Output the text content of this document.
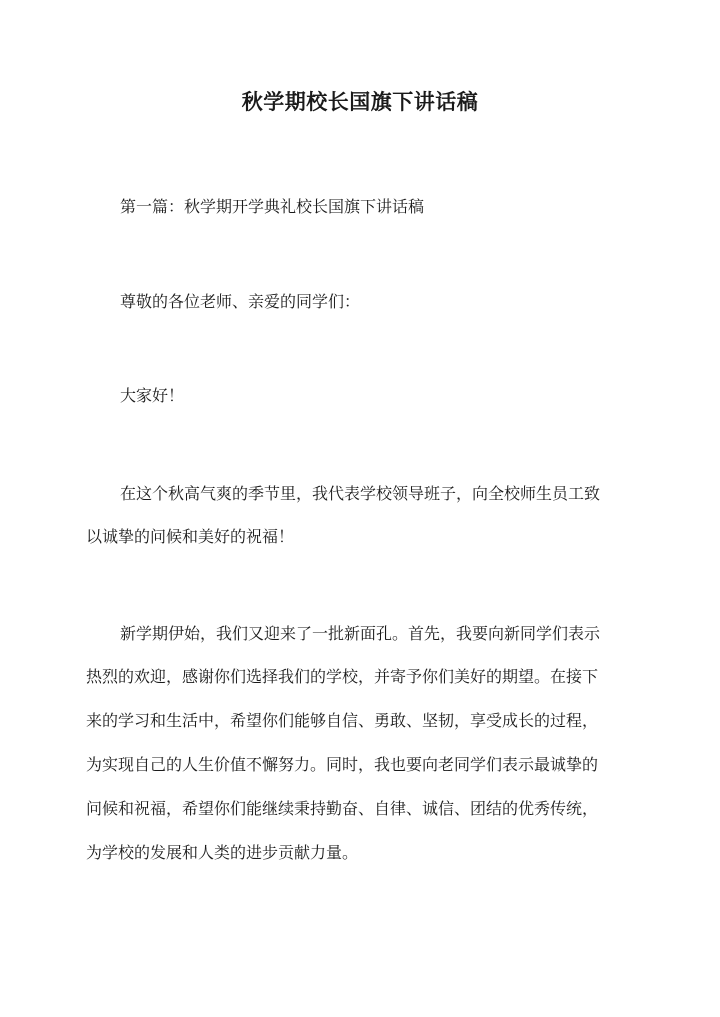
秋学期校长国旗下讲话稿
第一篇：秋学期开学典礼校长国旗下讲话稿
尊敬的各位老师、亲爱的同学们：
大家好！
在这个秋高气爽的季节里，我代表学校领导班子，向全校师生员工致
以诚挚的问候和美好的祝福！
新学期伊始，我们又迎来了一批新面孔。首先，我要向新同学们表示
热烈的欢迎，感谢你们选择我们的学校，并寄予你们美好的期望。在接下
来的学习和生活中，希望你们能够自信、勇敢、坚韧，享受成长的过程，
为实现自己的人生价值不懈努力。同时，我也要向老同学们表示最诚挚的
问候和祝福，希望你们能继续秉持勤奋、自律、诚信、团结的优秀传统，
为学校的发展和人类的进步贡献力量。
